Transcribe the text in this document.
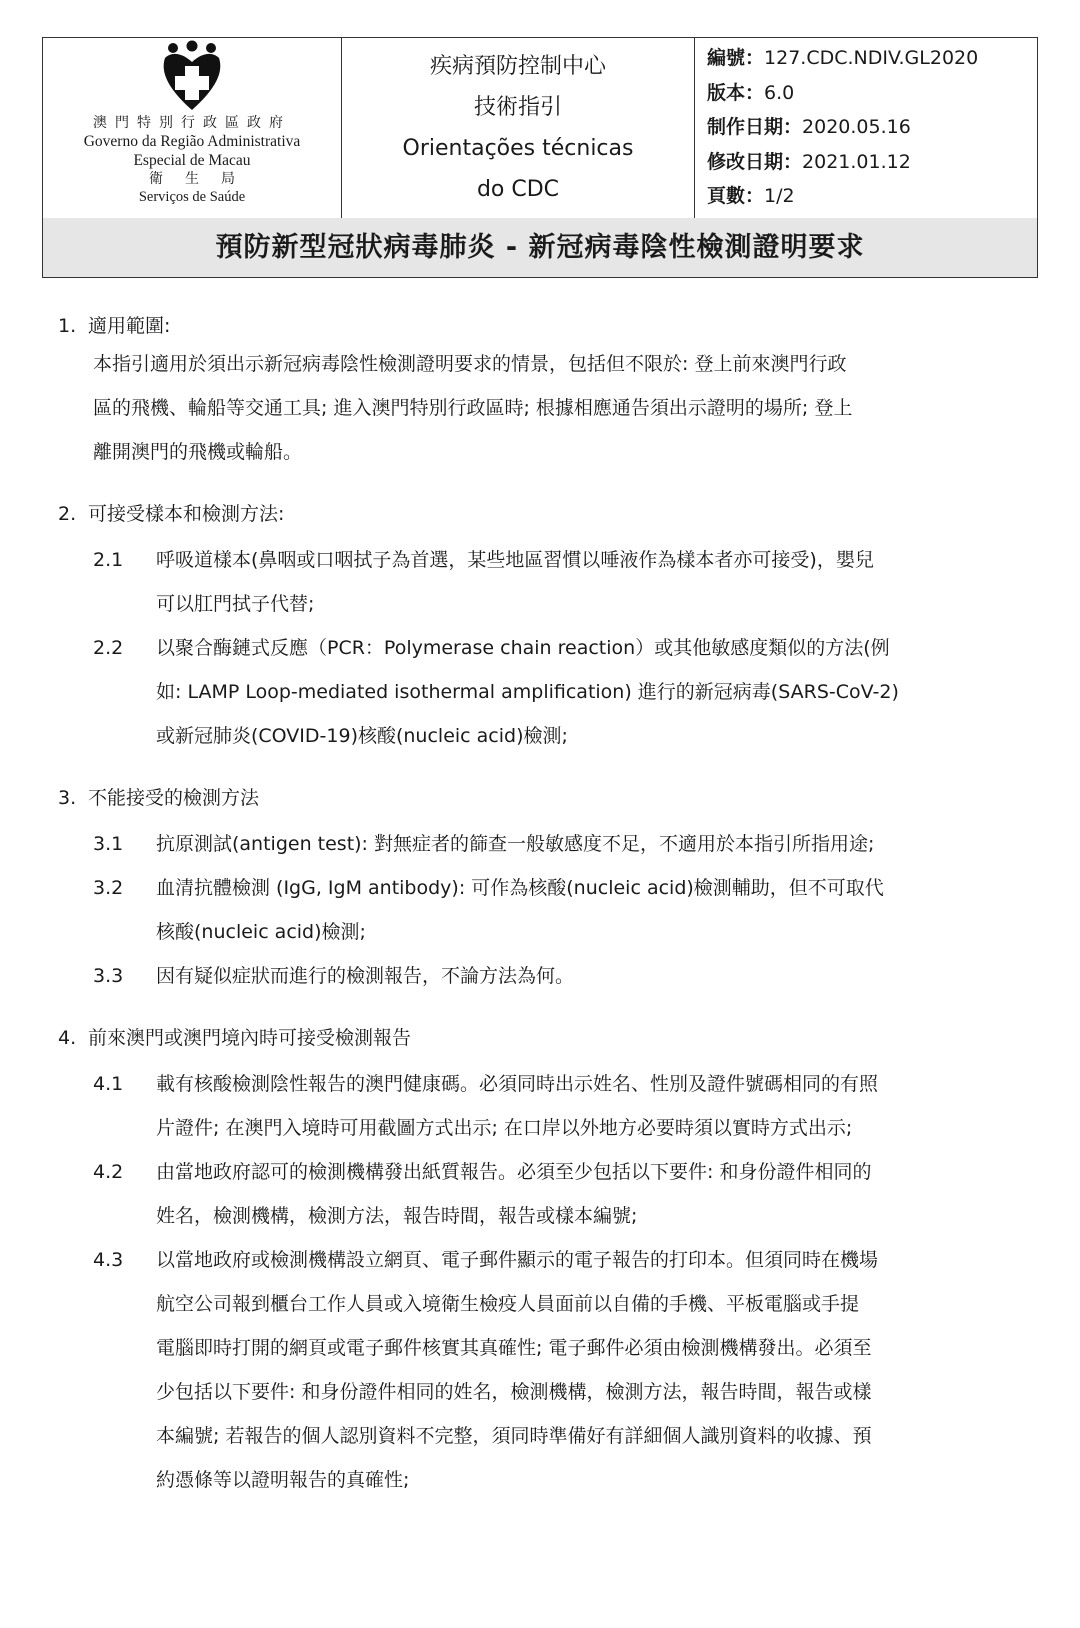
澳門特別行政區政府
Governo da Região Administrativa
Especial de Macau
衛生局
Serviços de Saúde
疾病預防控制中心
技術指引
Orientações técnicas
do CDC
編號：127.CDC.NDIV.GL2020
版本：6.0
制作日期：2020.05.16
修改日期：2021.01.12
頁數：1/2
預防新型冠狀病毒肺炎 - 新冠病毒陰性檢測證明要求
1. 適用範圍:
本指引適用於須出示新冠病毒陰性檢測證明要求的情景，包括但不限於: 登上前來澳門行政
區的飛機、輪船等交通工具; 進入澳門特別行政區時; 根據相應通告須出示證明的場所; 登上
離開澳門的飛機或輪船。
2. 可接受樣本和檢測方法:
2.1	呼吸道樣本(鼻咽或口咽拭子為首選，某些地區習慣以唾液作為樣本者亦可接受)，嬰兒
可以肛門拭子代替;
2.2	以聚合酶鏈式反應（PCR：Polymerase chain reaction）或其他敏感度類似的方法(例
如: LAMP Loop-mediated isothermal amplification) 進行的新冠病毒(SARS-CoV-2)
或新冠肺炎(COVID-19)核酸(nucleic acid)檢測;
3. 不能接受的檢測方法
3.1	抗原測試(antigen test): 對無症者的篩查一般敏感度不足，不適用於本指引所指用途;
3.2	血清抗體檢測 (IgG, IgM antibody): 可作為核酸(nucleic acid)檢測輔助，但不可取代
核酸(nucleic acid)檢測;
3.3	因有疑似症狀而進行的檢測報告，不論方法為何。
4. 前來澳門或澳門境內時可接受檢測報告
4.1	載有核酸檢測陰性報告的澳門健康碼。必須同時出示姓名、性別及證件號碼相同的有照
片證件; 在澳門入境時可用截圖方式出示; 在口岸以外地方必要時須以實時方式出示;
4.2	由當地政府認可的檢測機構發出紙質報告。必須至少包括以下要件: 和身份證件相同的
姓名，檢測機構，檢測方法，報告時間，報告或樣本編號;
4.3	以當地政府或檢測機構設立網頁、電子郵件顯示的電子報告的打印本。但須同時在機場
航空公司報到櫃台工作人員或入境衛生檢疫人員面前以自備的手機、平板電腦或手提
電腦即時打開的網頁或電子郵件核實其真確性; 電子郵件必須由檢測機構發出。必須至
少包括以下要件: 和身份證件相同的姓名，檢測機構，檢測方法，報告時間，報告或樣
本編號; 若報告的個人認別資料不完整，須同時準備好有詳細個人識別資料的收據、預
約憑條等以證明報告的真確性;
